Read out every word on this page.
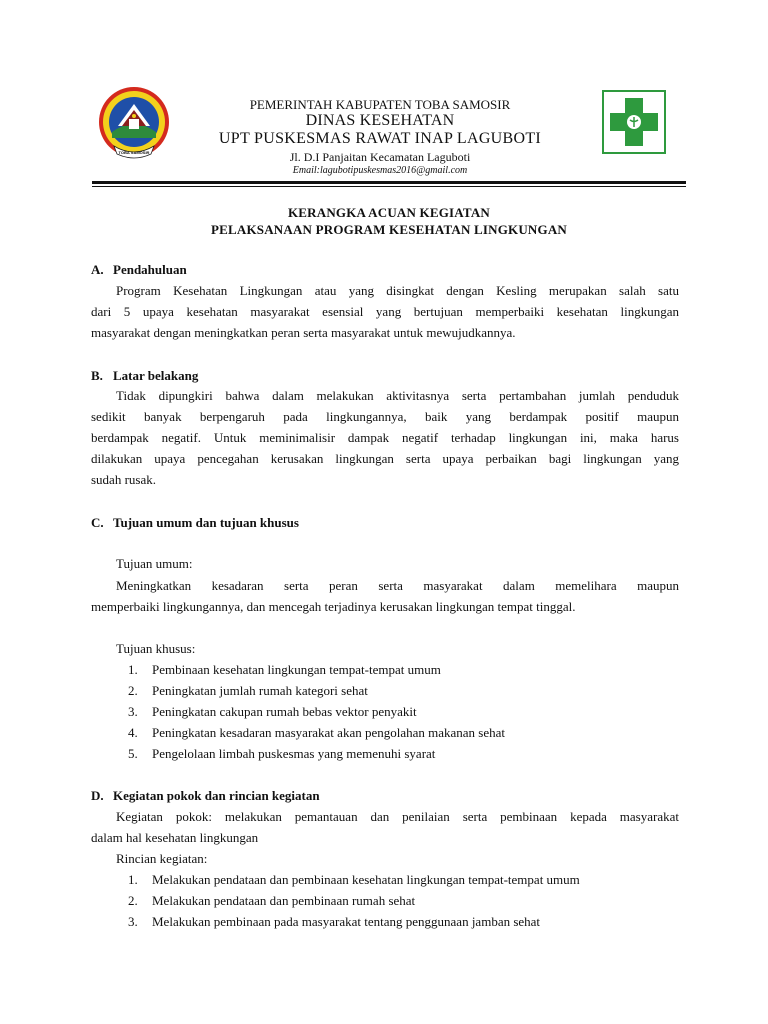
TOBA SAMOSIR
PEMERINTAH KABUPATEN TOBA SAMOSIR
DINAS KESEHATAN
UPT PUSKESMAS RAWAT INAP LAGUBOTI
Jl. D.I Panjaitan Kecamatan Laguboti
Email:lagubotipuskesmas2016@gmail.com
KERANGKA ACUAN KEGIATAN
PELAKSANAAN PROGRAM KESEHATAN LINGKUNGAN
A. Pendahuluan
Program Kesehatan Lingkungan atau yang disingkat dengan Kesling merupakan salah satu
dari 5 upaya kesehatan masyarakat esensial yang bertujuan memperbaiki kesehatan lingkungan
masyarakat dengan meningkatkan peran serta masyarakat untuk mewujudkannya.
B. Latar belakang
Tidak dipungkiri bahwa dalam melakukan aktivitasnya serta pertambahan jumlah penduduk
sedikit banyak berpengaruh pada lingkungannya, baik yang berdampak positif maupun
berdampak negatif. Untuk meminimalisir dampak negatif terhadap lingkungan ini, maka harus
dilakukan upaya pencegahan kerusakan lingkungan serta upaya perbaikan bagi lingkungan yang
sudah rusak.
C. Tujuan umum dan tujuan khusus
Tujuan umum:
Meningkatkan kesadaran serta peran serta masyarakat dalam memelihara maupun
memperbaiki lingkungannya, dan mencegah terjadinya kerusakan lingkungan tempat tinggal.
Tujuan khusus:
1. Pembinaan kesehatan lingkungan tempat-tempat umum
2. Peningkatan jumlah rumah kategori sehat
3. Peningkatan cakupan rumah bebas vektor penyakit
4. Peningkatan kesadaran masyarakat akan pengolahan makanan sehat
5. Pengelolaan limbah puskesmas yang memenuhi syarat
D. Kegiatan pokok dan rincian kegiatan
Kegiatan pokok: melakukan pemantauan dan penilaian serta pembinaan kepada masyarakat
dalam hal kesehatan lingkungan
Rincian kegiatan:
1. Melakukan pendataan dan pembinaan kesehatan lingkungan tempat-tempat umum
2. Melakukan pendataan dan pembinaan rumah sehat
3. Melakukan pembinaan pada masyarakat tentang penggunaan jamban sehat
